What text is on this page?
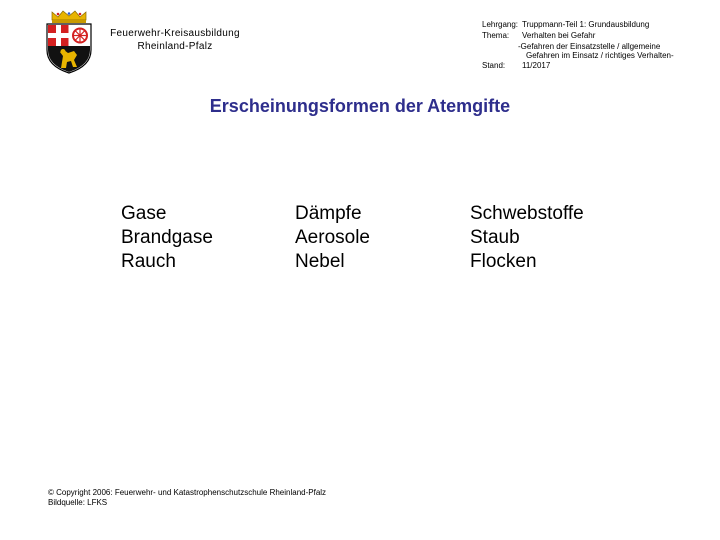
Feuerwehr-Kreisausbildung
Rheinland-Pfalz
Lehrgang: Truppmann-Teil 1: Grundausbildung
Thema: Verhalten bei Gefahr
-Gefahren der Einsatzstelle / allgemeine
Gefahren im Einsatz / richtiges Verhalten-
Stand: 11/2017
Erscheinungsformen der Atemgifte
Gase
Brandgase
Rauch
Dämpfe
Aerosole
Nebel
Schwebstoffe
Staub
Flocken
© Copyright 2006: Feuerwehr- und Katastrophenschutzschule Rheinland-Pfalz
Bildquelle: LFKS
